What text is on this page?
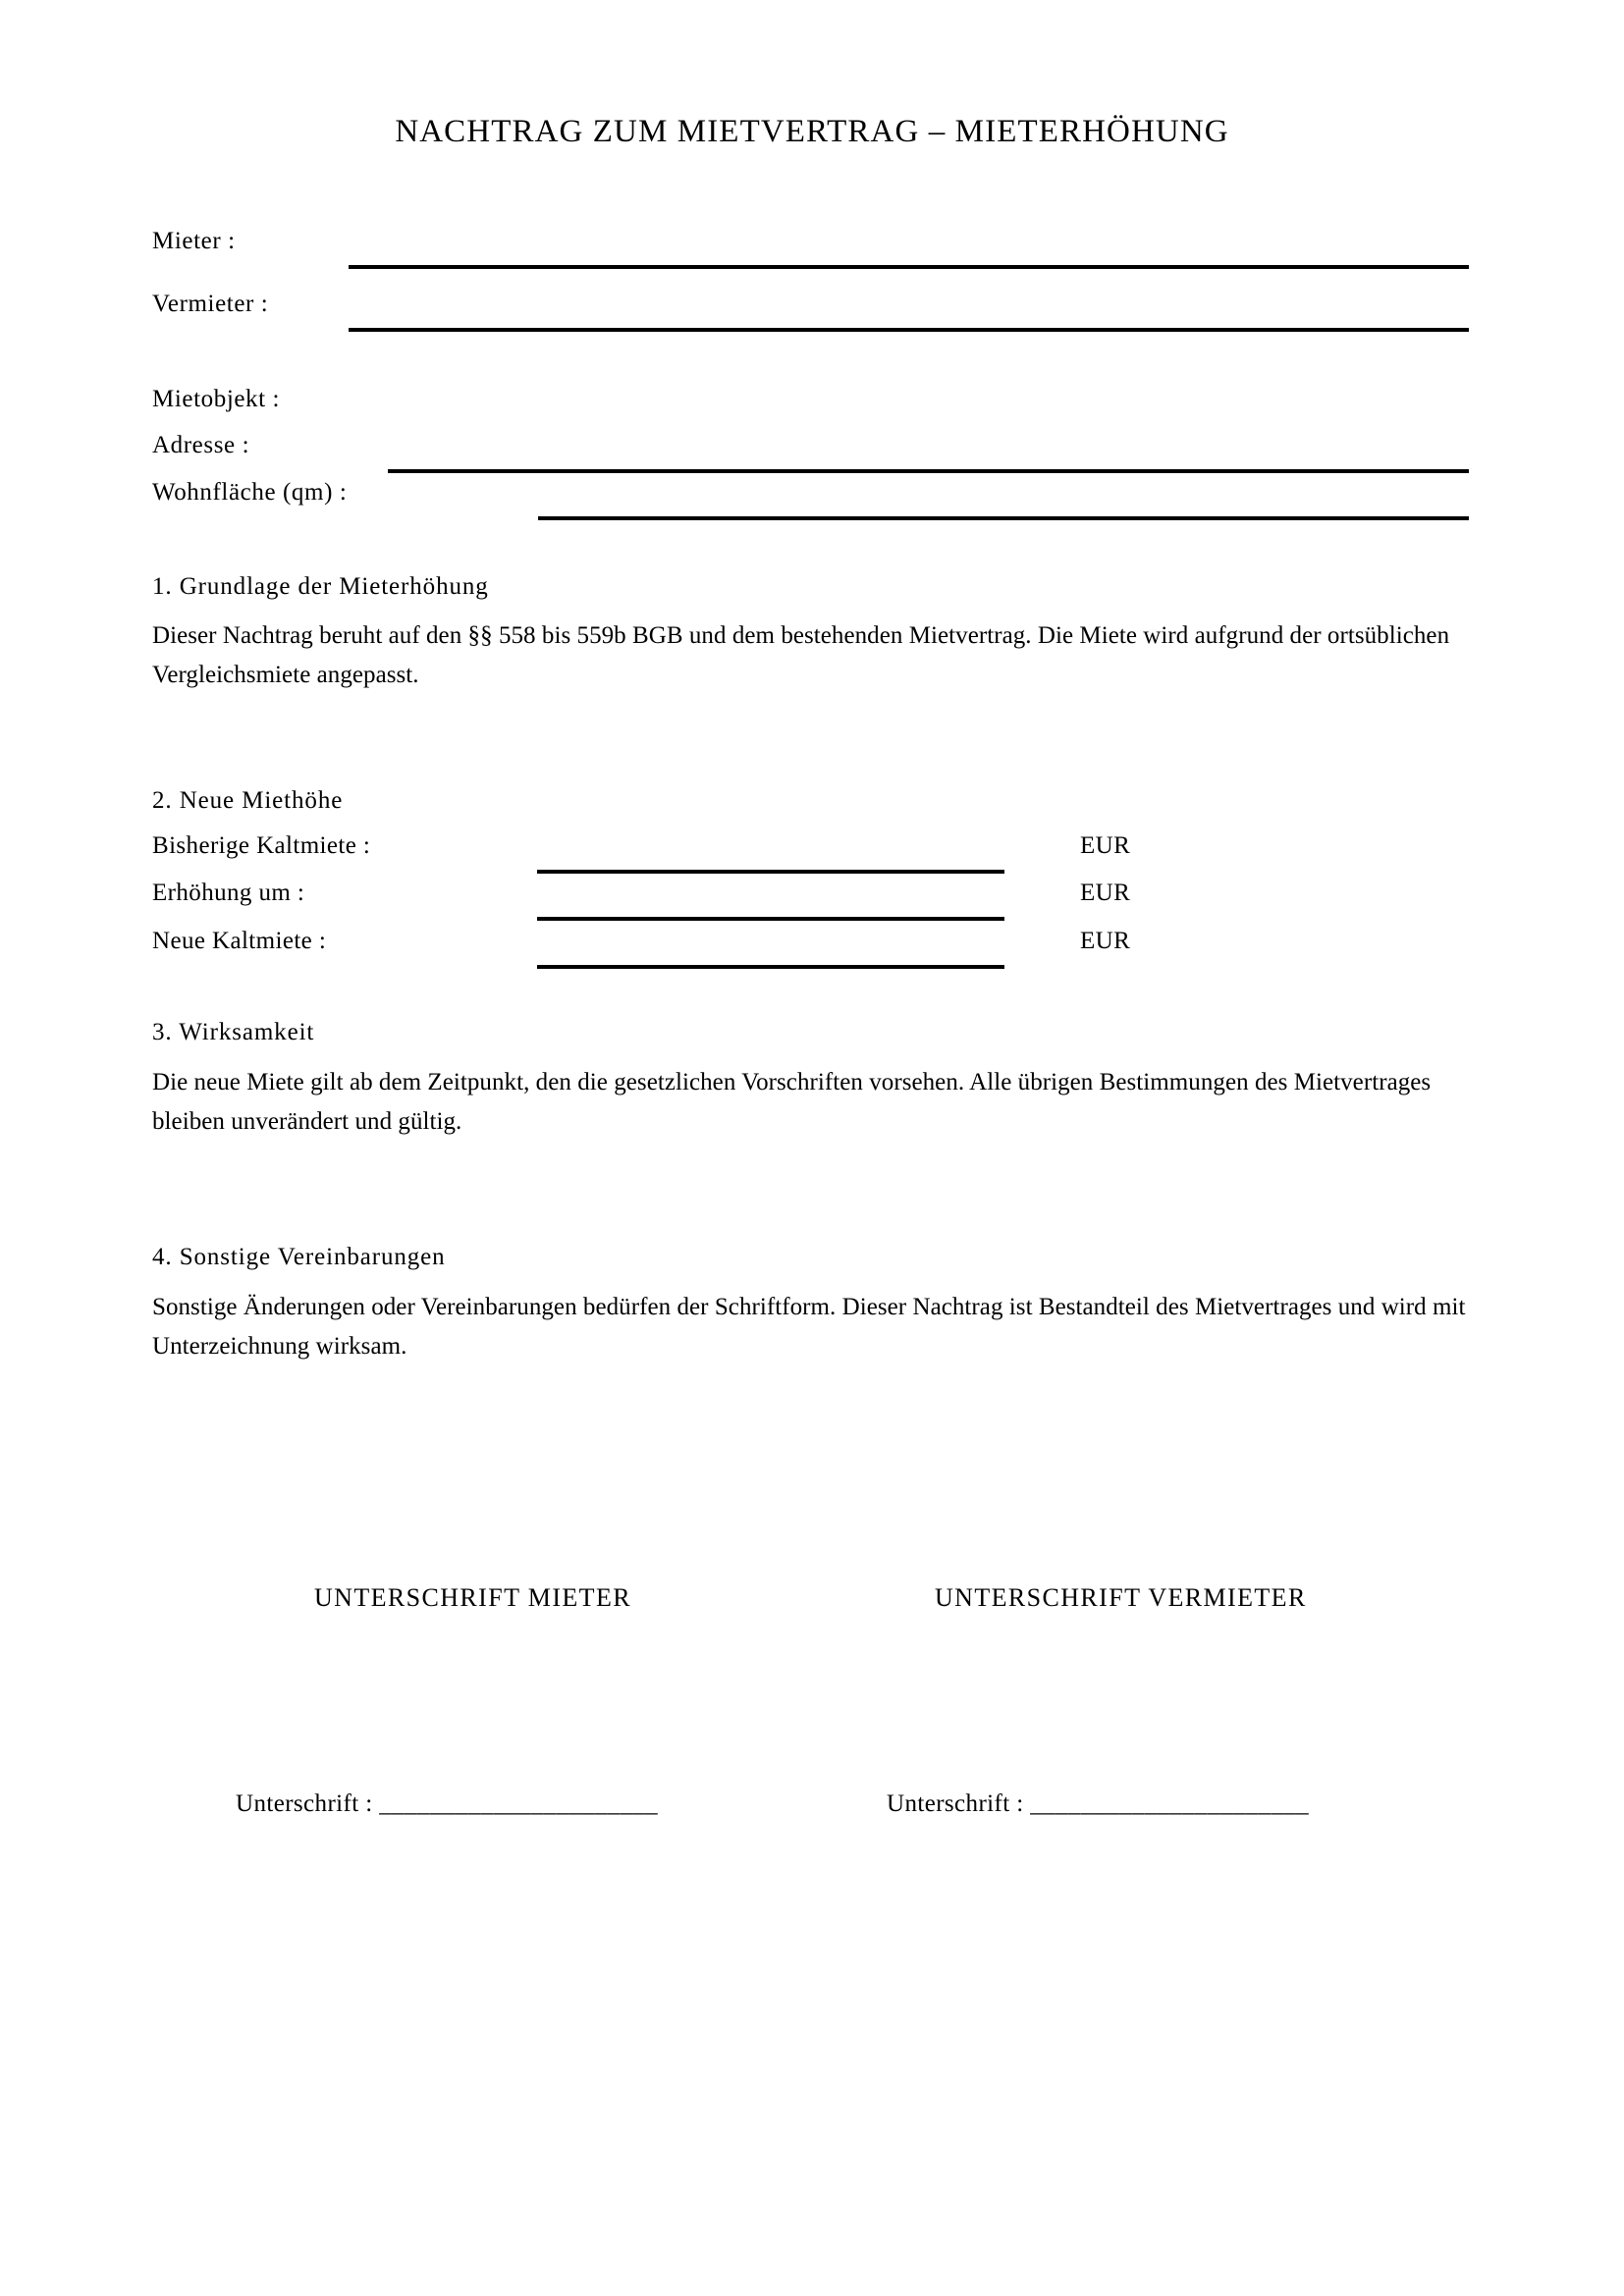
NACHTRAG ZUM MIETVERTRAG – MIETERHÖHUNG
Mieter :
Vermieter :
Mietobjekt :
Adresse :
Wohnfläche (qm) :
1. Grundlage der Mieterhöhung
Dieser Nachtrag beruht auf den §§ 558 bis 559b BGB und dem bestehenden Mietvertrag. Die Miete wird aufgrund der ortsüblichen Vergleichsmiete angepasst.
2. Neue Miethöhe
Bisherige Kaltmiete :	EUR
Erhöhung um :	EUR
Neue Kaltmiete :	EUR
3. Wirksamkeit
Die neue Miete gilt ab dem Zeitpunkt, den die gesetzlichen Vorschriften vorsehen. Alle übrigen Bestimmungen des Mietvertrages bleiben unverändert und gültig.
4. Sonstige Vereinbarungen
Sonstige Änderungen oder Vereinbarungen bedürfen der Schriftform. Dieser Nachtrag ist Bestandteil des Mietvertrages und wird mit Unterzeichnung wirksam.
UNTERSCHRIFT MIETER	UNTERSCHRIFT VERMIETER
Unterschrift : ______________________	Unterschrift : ______________________
